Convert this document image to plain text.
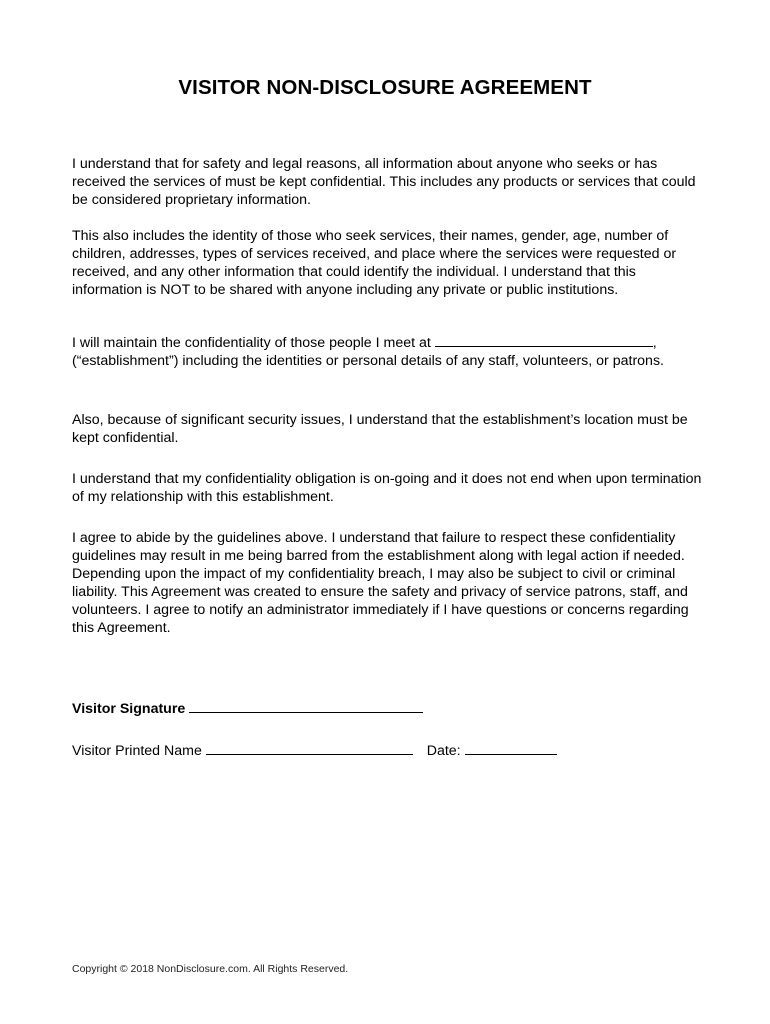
VISITOR NON-DISCLOSURE AGREEMENT

I understand that for safety and legal reasons, all information about anyone who seeks or has received the services of must be kept confidential. This includes any products or services that could be considered proprietary information.

This also includes the identity of those who seek services, their names, gender, age, number of children, addresses, types of services received, and place where the services were requested or received, and any other information that could identify the individual. I understand that this information is NOT to be shared with anyone including any private or public institutions.

I will maintain the confidentiality of those people I meet at	, (“establishment”) including the identities or personal details of any staff, volunteers, or patrons.

Also, because of significant security issues, I understand that the establishment’s location must be kept confidential.

I understand that my confidentiality obligation is on-going and it does not end when upon termination of my relationship with this establishment.

I agree to abide by the guidelines above. I understand that failure to respect these confidentiality guidelines may result in me being barred from the establishment along with legal action if needed. Depending upon the impact of my confidentiality breach, I may also be subject to civil or criminal liability. This Agreement was created to ensure the safety and privacy of service patrons, staff, and volunteers. I agree to notify an administrator immediately if I have questions or concerns regarding this Agreement.

Visitor Signature
Visitor Printed Name	Date:
Copyright © 2018 NonDisclosure.com. All Rights Reserved.
